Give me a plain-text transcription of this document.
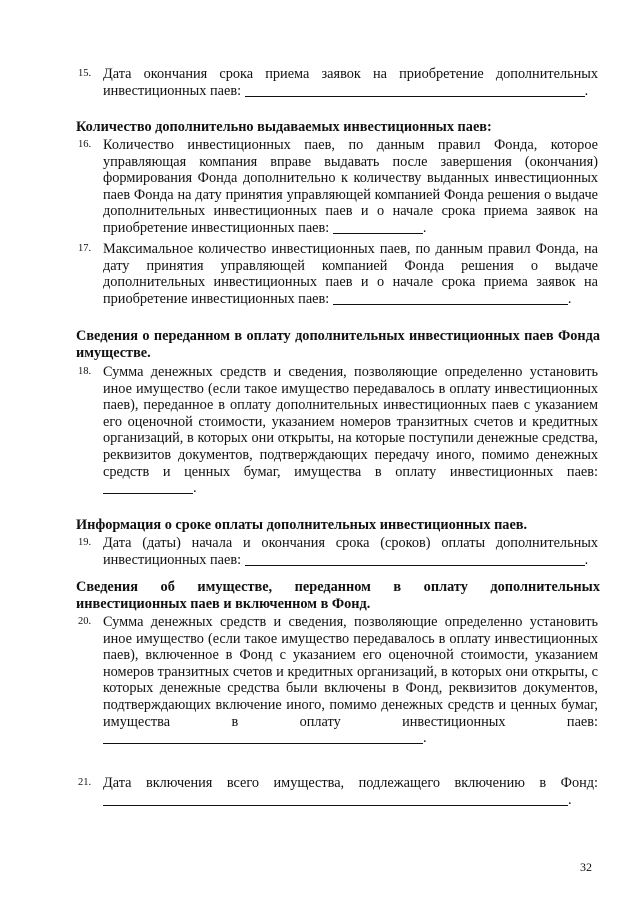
15. Дата окончания срока приема заявок на приобретение дополнительных инвестиционных паев:	.
Количество дополнительно выдаваемых инвестиционных паев:
16. Количество инвестиционных паев, по данным правил Фонда, которое управляющая компания вправе выдавать после завершения (окончания) формирования Фонда дополнительно к количеству выданных инвестиционных паев Фонда на дату принятия управляющей компанией Фонда решения о выдаче дополнительных инвестиционных паев и о начале срока приема заявок на приобретение инвестиционных паев:	.
17. Максимальное количество инвестиционных паев, по данным правил Фонда, на дату принятия управляющей компанией Фонда решения о выдаче дополнительных инвестиционных паев и о начале срока приема заявок на приобретение инвестиционных паев:	.
Сведения о переданном в оплату дополнительных инвестиционных паев Фонда имуществе.
18. Сумма денежных средств и сведения, позволяющие определенно установить иное имущество (если такое имущество передавалось в оплату инвестиционных паев), переданное в оплату дополнительных инвестиционных паев с указанием его оценочной стоимости, указанием номеров транзитных счетов и кредитных организаций, в которых они открыты, на которые поступили денежные средства, реквизитов документов, подтверждающих передачу иного, помимо денежных средств и ценных бумаг, имущества в оплату инвестиционных паев: .
Информация о сроке оплаты дополнительных инвестиционных паев.
19. Дата (даты) начала и окончания срока (сроков) оплаты дополнительных инвестиционных паев:	.
Сведения об имуществе, переданном в оплату дополнительных инвестиционных паев и включенном в Фонд.
20. Сумма денежных средств и сведения, позволяющие определенно установить иное имущество (если такое имущество передавалось в оплату инвестиционных паев), включенное в Фонд с указанием его оценочной стоимости, указанием номеров транзитных счетов и кредитных организаций, в которых они открыты, с которых денежные средства были включены в Фонд, реквизитов документов, подтверждающих включение иного, помимо денежных средств и ценных бумаг, имущества в оплату инвестиционных паев: .
21. Дата включения всего имущества, подлежащего включению в Фонд: .
32
